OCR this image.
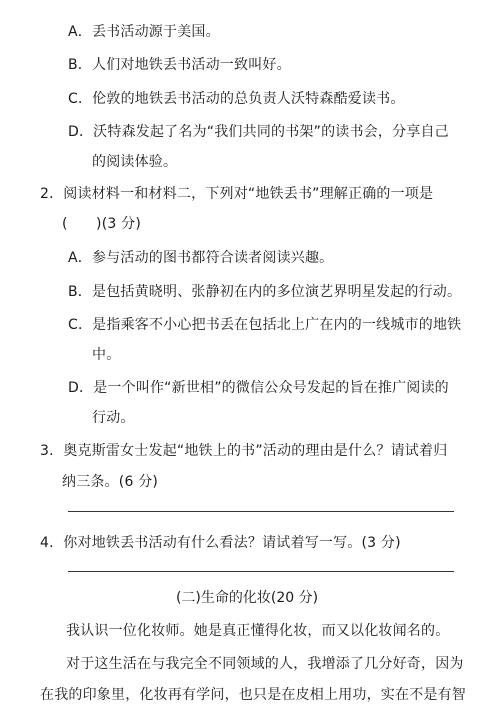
A．丢书活动源于美国。
B．人们对地铁丢书活动一致叫好。
C．伦敦的地铁丢书活动的总负责人沃特森酷爱读书。
D．沃特森发起了名为“我们共同的书架”的读书会，分享自己
的阅读体验。
2．阅读材料一和材料二，下列对“地铁丢书”理解正确的一项是
(　　)(3 分)
A．参与活动的图书都符合读者阅读兴趣。
B．是包括黄晓明、张静初在内的多位演艺界明星发起的行动。
C．是指乘客不小心把书丢在包括北上广在内的一线城市的地铁
中。
D．是一个叫作“新世相”的微信公众号发起的旨在推广阅读的
行动。
3．奥克斯雷女士发起“地铁上的书”活动的理由是什么？请试着归
纳三条。(6 分)
4．你对地铁丢书活动有什么看法？请试着写一写。(3 分)
(二)生命的化妆(20 分)
我认识一位化妆师。她是真正懂得化妆，而又以化妆闻名的。
对于这生活在与我完全不同领域的人，我增添了几分好奇，因为
在我的印象里，化妆再有学问，也只是在皮相上用功，实在不是有智
